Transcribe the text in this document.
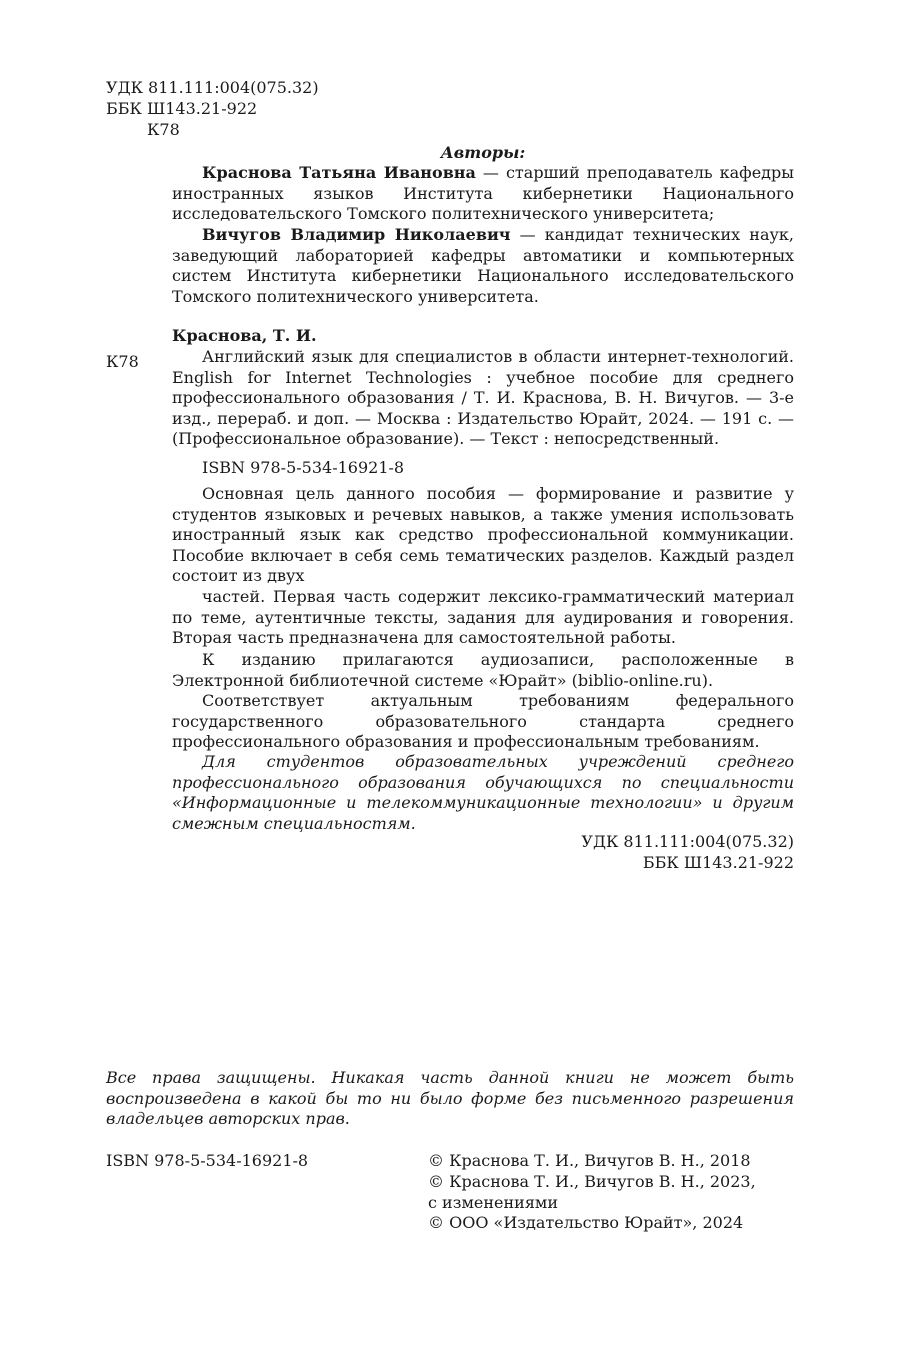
УДК 811.111:004(075.32)
ББК Ш143.21-922
К78
Авторы:

Краснова Татьяна Ивановна — старший преподаватель кафедры иностранных языков Института кибернетики Национального исследовательского Томского политехнического университета;

Вичугов Владимир Николаевич — кандидат технических наук, заведующий лабораторией кафедры автоматики и компьютерных систем Института кибернетики Национального исследовательского Томского политехнического университета.

Краснова, Т. И.
К78	Английский язык для специалистов в области интернет-технологий. English for Internet Technologies : учебное пособие для среднего профессионального образования / Т. И. Краснова, В. Н. Вичугов. — 3-е изд., перераб. и доп. — Москва : Издательство Юрайт, 2024. — 191 с. — (Профессиональное образование). — Текст : непосредственный.

ISBN 978-5-534-16921-8

Основная цель данного пособия — формирование и развитие у студентов языковых и речевых навыков, а также умения использовать иностранный язык как средство профессиональной коммуникации. Пособие включает в себя семь тематических разделов. Каждый раздел состоит из двух

частей. Первая часть содержит лексико-грамматический материал по теме, аутентичные тексты, задания для аудирования и говорения. Вторая часть предназначена для самостоятельной работы.

К изданию прилагаются аудиозаписи, расположенные в Электронной библиотечной системе «Юрайт» (biblio-online.ru).

Соответствует актуальным требованиям федерального государственного образовательного стандарта среднего профессионального образования и профессиональным требованиям.

Для студентов образовательных учреждений среднего профессионального образования обучающихся по специальности «Информационные и телекоммуникационные технологии» и другим смежным специальностям.

УДК 811.111:004(075.32)
ББК Ш143.21-922

Все права защищены. Никакая часть данной книги не может быть воспроизведена в какой бы то ни было форме без письменного разрешения владельцев авторских прав.

ISBN 978-5-534-16921-8	© Краснова Т. И., Вичугов В. Н., 2018
© Краснова Т. И., Вичугов В. Н., 2023,
с изменениями
© ООО «Издательство Юрайт», 2024
